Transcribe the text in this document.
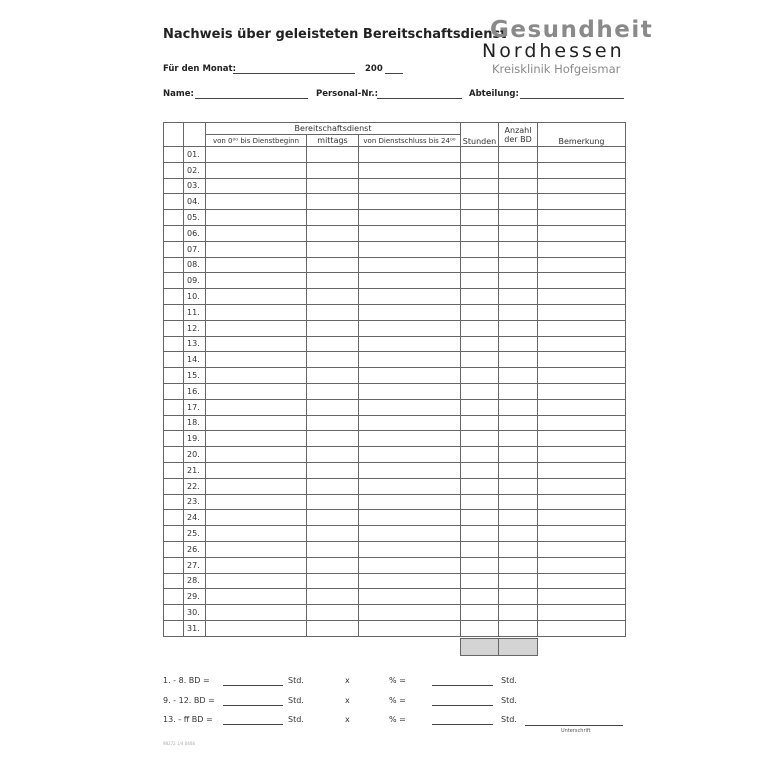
Nachweis über geleisteten Bereitschaftsdienst
Gesundheit
Nordhessen
Kreisklinik Hofgeismar
Für den Monat:	200
Name:	Personal-Nr.:	Abteilung:
		Bereitschaftsdienst			Stunden	Anzahl der BD	Bemerkung
		von 0⁰⁰ bis Dienstbeginn	mittags	von Dienstschluss bis 24⁰⁰			
	01.						
	02.						
	03.						
	04.						
	05.						
	06.						
	07.						
	08.						
	09.						
	10.						
	11.						
	12.						
	13.						
	14.						
	15.						
	16.						
	17.						
	18.						
	19.						
	20.						
	21.						
	22.						
	23.						
	24.						
	25.						
	26.						
	27.						
	28.						
	29.						
	30.						
	31.						
1. - 8. BD =	Std.	x	% =	Std.
9. - 12. BD =	Std.	x	% =	Std.
13. - ff BD =	Std.	x	% =	Std.
Unterschrift
98272 1/4 0408
